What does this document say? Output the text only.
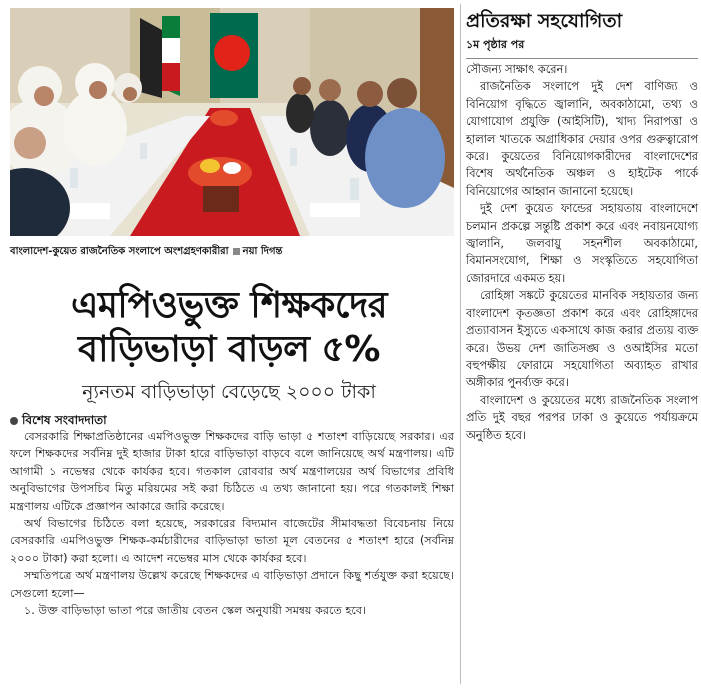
বাংলাদেশ-কুয়েত রাজনৈতিক সংলাপে অংশগ্রহণকারীরা নয়া দিগন্ত
এমপিওভুক্ত শিক্ষকদের
বাড়িভাড়া বাড়ল ৫%
ন্যূনতম বাড়িভাড়া বেড়েছে ২০০০ টাকা
বিশেষ সংবাদদাতা

বেসরকারি শিক্ষাপ্রতিষ্ঠানের এমপিওভুক্ত শিক্ষকদের বাড়ি ভাড়া ৫ শতাংশ বাড়িয়েছে সরকার। এর ফলে শিক্ষকদের সর্বনিম্ন দুই হাজার টাকা হারে বাড়িভাড়া বাড়বে বলে জানিয়েছে অর্থ মন্ত্রণালয়। এটি আগামী ১ নভেম্বর থেকে কার্যকর হবে। গতকাল রোববার অর্থ মন্ত্রণালয়ের অর্থ বিভাগের প্রবিধি অনুবিভাগের উপসচিব মিতু মরিয়মের সই করা চিঠিতে এ তথ্য জানানো হয়। পরে গতকালই শিক্ষা মন্ত্রণালয় এটিকে প্রজ্ঞাপন আকারে জারি করেছে।

অর্থ বিভাগের চিঠিতে বলা হয়েছে, সরকারের বিদ্যমান বাজেটের সীমাবদ্ধতা বিবেচনায় নিয়ে বেসরকারি এমপিওভুক্ত শিক্ষক-কর্মচারীদের বাড়িভাড়া ভাতা মূল বেতনের ৫ শতাংশ হারে (সর্বনিম্ন ২০০০ টাকা) করা হলো। এ আদেশ নভেম্বর মাস থেকে কার্যকর হবে।

সম্মতিপত্রে অর্থ মন্ত্রণালয় উল্লেখ করেছে শিক্ষকদের এ বাড়িভাড়া প্রদানে কিছু শর্তযুক্ত করা হয়েছে। সেগুলো হলো—

১. উক্ত বাড়িভাড়া ভাতা পরে জাতীয় বেতন স্কেল অনুযায়ী সমন্বয় করতে হবে।

প্রতিরক্ষা সহযোগিতা
১ম পৃষ্ঠার পর

সৌজন্য সাক্ষাৎ করেন।

রাজনৈতিক সংলাপে দুই দেশ বাণিজ্য ও বিনিয়োগ বৃদ্ধিতে জ্বালানি, অবকাঠামো, তথ্য ও যোগাযোগ প্রযুক্তি (আইসিটি), খাদ্য নিরাপত্তা ও হালাল খাতকে অগ্রাধিকার দেয়ার ওপর গুরুত্বারোপ করে। কুয়েতের বিনিয়োগকারীদের বাংলাদেশের বিশেষ অর্থনৈতিক অঞ্চল ও হাইটেক পার্কে বিনিয়োগের আহ্বান জানানো হয়েছে।

দুই দেশ কুয়েত ফান্ডের সহায়তায় বাংলাদেশে চলমান প্রকল্পে সন্তুষ্টি প্রকাশ করে এবং নবায়নযোগ্য জ্বালানি, জলবায়ু সহনশীল অবকাঠামো, বিমানসংযোগ, শিক্ষা ও সংস্কৃতিতে সহযোগিতা জোরদারে একমত হয়।

রোহিঙ্গা সঙ্কটে কুয়েতের মানবিক সহায়তার জন্য বাংলাদেশ কৃতজ্ঞতা প্রকাশ করে এবং রোহিঙ্গাদের প্রত্যাবাসন ইস্যুতে একসাথে কাজ করার প্রত্যয় ব্যক্ত করে। উভয় দেশ জাতিসঙ্ঘ ও ওআইসির মতো বহুপক্ষীয় ফোরামে সহযোগিতা অব্যাহত রাখার অঙ্গীকার পুনর্ব্যক্ত করে।

বাংলাদেশ ও কুয়েতের মধ্যে রাজনৈতিক সংলাপ প্রতি দুই বছর পরপর ঢাকা ও কুয়েতে পর্যায়ক্রমে অনুষ্ঠিত হবে।
